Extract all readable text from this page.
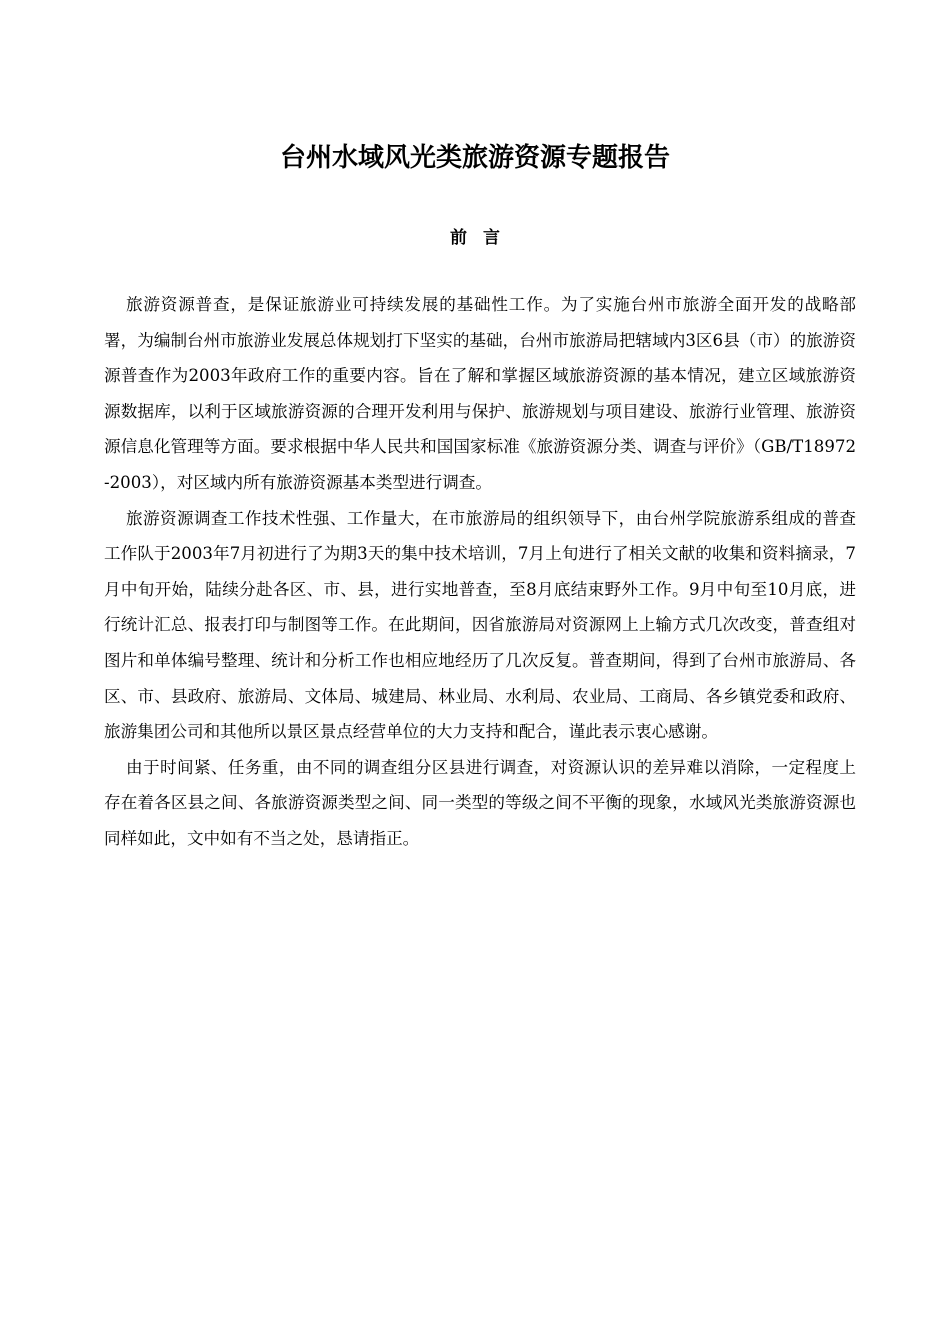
台州水域风光类旅游资源专题报告
前言

旅游资源普查，是保证旅游业可持续发展的基础性工作。为了实施台州市旅游全面开发的战略部署，为编制台州市旅游业发展总体规划打下坚实的基础，台州市旅游局把辖域内3区6县（市）的旅游资源普查作为2003年政府工作的重要内容。旨在了解和掌握区域旅游资源的基本情况，建立区域旅游资源数据库，以利于区域旅游资源的合理开发利用与保护、旅游规划与项目建设、旅游行业管理、旅游资源信息化管理等方面。要求根据中华人民共和国国家标准《旅游资源分类、调查与评价》（GB/T18972-2003），对区域内所有旅游资源基本类型进行调查。

旅游资源调查工作技术性强、工作量大，在市旅游局的组织领导下，由台州学院旅游系组成的普查工作队于2003年7月初进行了为期3天的集中技术培训，7月上旬进行了相关文献的收集和资料摘录，7月中旬开始，陆续分赴各区、市、县，进行实地普查，至8月底结束野外工作。9月中旬至10月底，进行统计汇总、报表打印与制图等工作。在此期间，因省旅游局对资源网上上输方式几次改变，普查组对图片和单体编号整理、统计和分析工作也相应地经历了几次反复。普查期间，得到了台州市旅游局、各区、市、县政府、旅游局、文体局、城建局、林业局、水利局、农业局、工商局、各乡镇党委和政府、旅游集团公司和其他所以景区景点经营单位的大力支持和配合，谨此表示衷心感谢。

由于时间紧、任务重，由不同的调查组分区县进行调查，对资源认识的差异难以消除，一定程度上存在着各区县之间、各旅游资源类型之间、同一类型的等级之间不平衡的现象，水域风光类旅游资源也同样如此，文中如有不当之处，恳请指正。
